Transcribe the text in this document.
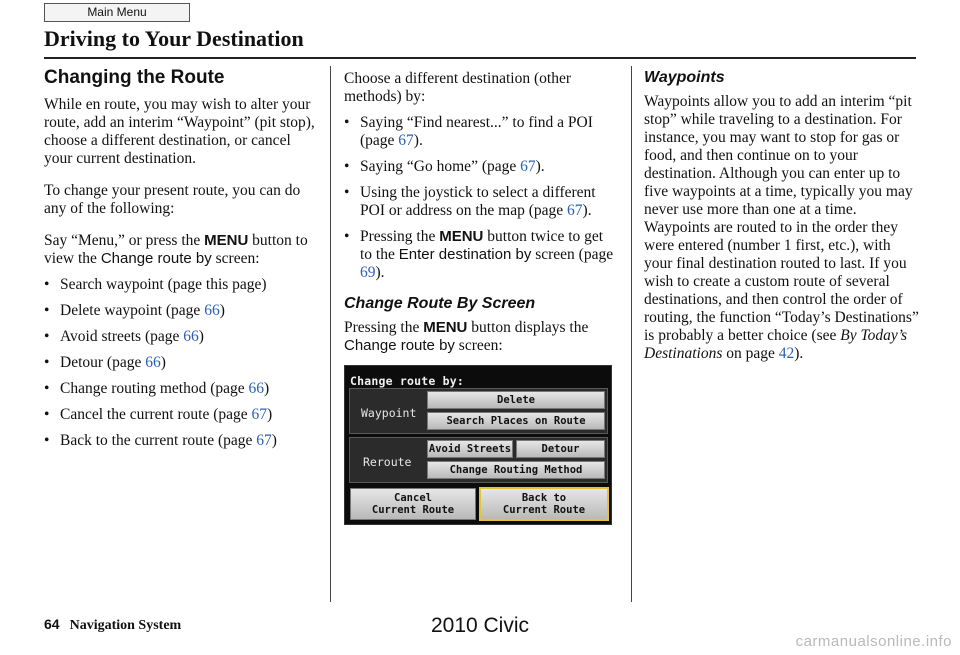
Main Menu
Driving to Your Destination
Changing the Route

While en route, you may wish to alter your route, add an interim “Waypoint” (pit stop), choose a different destination, or cancel your current destination.

To change your present route, you can do any of the following:

Say “Menu,” or press the MENU button to view the Change route by screen:

• Search waypoint (page this page)
• Delete waypoint (page 66)
• Avoid streets (page 66)
• Detour (page 66)
• Change routing method (page 66)
• Cancel the current route (page 67)
• Back to the current route (page 67)

Choose a different destination (other methods) by:

• Saying “Find nearest...” to find a POI (page 67).
• Saying “Go home” (page 67).
• Using the joystick to select a different POI or address on the map (page 67).
• Pressing the MENU button twice to get to the Enter destination by screen (page 69).
Change Route By Screen

Pressing the MENU button displays the Change route by screen:

Change route by:
Waypoint
Delete
Search Places on Route
Reroute
Avoid Streets	Detour
Change Routing Method
Cancel
Current Route
Back to
Current Route
Waypoints

Waypoints allow you to add an interim “pit stop” while traveling to a destination. For instance, you may want to stop for gas or food, and then continue on to your destination. Although you can enter up to five waypoints at a time, typically you may never use more than one at a time. Waypoints are routed to in the order they were entered (number 1 first, etc.), with your final destination routed to last. If you wish to create a custom route of several destinations, and then control the order of routing, the function “Today’s Destinations” is probably a better choice (see By Today’s Destinations on page 42).

64 Navigation System	2010 Civic
carmanualsonline.info
